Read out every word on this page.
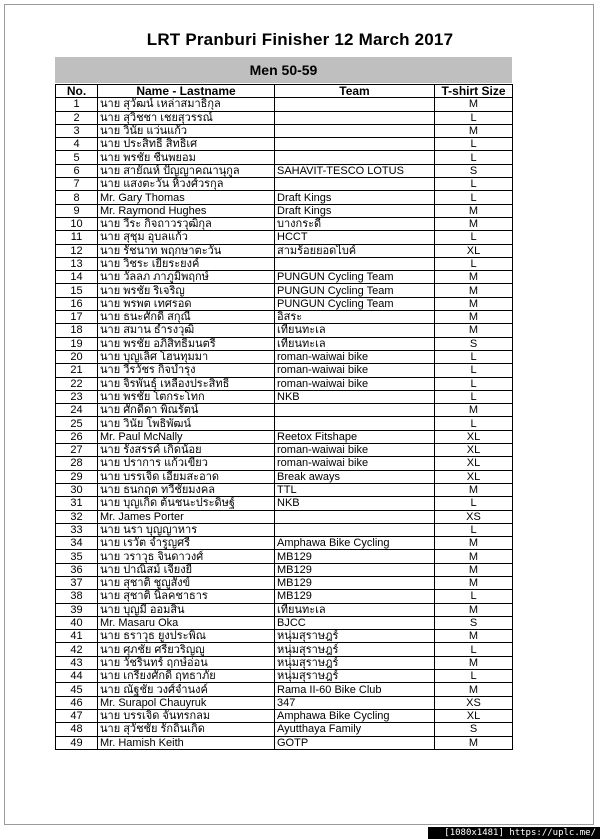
LRT Pranburi Finisher 12 March 2017
Men 50-59
No.	Name - Lastname	Team	T-shirt Size
1	นาย สุวัฒน์ เหล่าสมาธิกุล		M
2	นาย สุวิชชา เชยสุวรรณ์		L
3	นาย วินัย แว่นแก้ว		M
4	นาย ประสิทธิ์ สิทธิเศ		L
5	นาย พรชัย ชื่นพยอม		L
6	นาย สายัณห์ ปัญญาคณานุกูล	SAHAVIT-TESCO LOTUS	S
7	นาย แสงตะวัน หิวงศ์วรกุล		L
8	Mr. Gary Thomas	Draft Kings	L
9	Mr. Raymond Hughes	Draft Kings	M
10	นาย วีระ กิจถาวรวุฒิกุล	บางกระดี่	M
11	นาย สุชุม อุบลแก้ว	HCCT	L
12	นาย รัชนาท พฤกษาตะวัน	สามร้อยยอดไบค์	XL
13	นาย วิชระ เยียระยงค์		L
14	นาย วัลลภ ภาภูมิพฤกษ์	PUNGUN Cycling Team	M
15	นาย พรชัย ริเจริญ	PUNGUN Cycling Team	M
16	นาย พรพต เทศรอด	PUNGUN Cycling Team	M
17	นาย ธนะศักดิ์ สกุณี	อิสระ	M
18	นาย สมาน ธำรงวุฒิ	เทียนทะเล	M
19	นาย พรชัย อภิสิทธิ์มนตรี	เทียนทะเล	S
20	นาย บุญเลิศ โฮนทุมมา	roman-waiwai bike	L
21	นาย วีรวัชร กิจบำรุง	roman-waiwai bike	L
22	นาย จิรพันธุ์ เหลืองประสิทธิ์	roman-waiwai bike	L
23	นาย พรชัย โตกระโทก	NKB	L
24	นาย ศักดิ์ดา พิณรัตน์		M
25	นาย วินัย โพธิพัฒน์		L
26	Mr. Paul McNally	Reetox Fitshape	XL
27	นาย รังสรรค์ เกิดน้อย	roman-waiwai bike	XL
28	นาย ปราการ แก้วเขียว	roman-waiwai bike	XL
29	นาย บรรเจิด เอี่ยมสะอาด	Break aways	XL
30	นาย ธนกฤต ทวีชัยมงคล	TTL	M
31	นาย บุญเกิด ต้นชนะประดิษฐ์	NKB	L
32	Mr. James Porter		XS
33	นาย นรา บุญญาหาร		L
34	นาย เรวัต จำรูญศรี	Amphawa Bike Cycling	M
35	นาย วราวุธ จินดาวงศ์	MB129	M
36	นาย ปาณิสม์ เจียงยี่	MB129	M
37	นาย สุชาติ ชูญูสังข์	MB129	M
38	นาย สุชาติ นิลคชาธาร	MB129	L
39	นาย บุญมี ออมสิน	เทียนทะเล	M
40	Mr. Masaru Oka	BJCC	S
41	นาย ธราวุธ ยูงประพิณ	หนุ่มสุราษฎร์	M
42	นาย ศุภชัย ศรียวริญญู	หนุ่มสุราษฎร์	L
43	นาย วัชรินทร์ ฤกษ์อ่อน	หนุ่มสุราษฎร์	M
44	นาย เกรียงศักดิ์ ฤทธาภัย	หนุ่มสุราษฎร์	L
45	นาย ณัฐชัย วงศ์จำนงค์	Rama II-60 Bike Club	M
46	Mr. Surapol Chauyruk	347	XS
47	นาย บรรเจิด จันทรกลม	Amphawa Bike Cycling	XL
48	นาย สุวัชชัย รักถิ่นเกิด	Ayutthaya Family	S
49	Mr. Hamish Keith	GOTP	M
[1080x1481] https://uplc.me/
